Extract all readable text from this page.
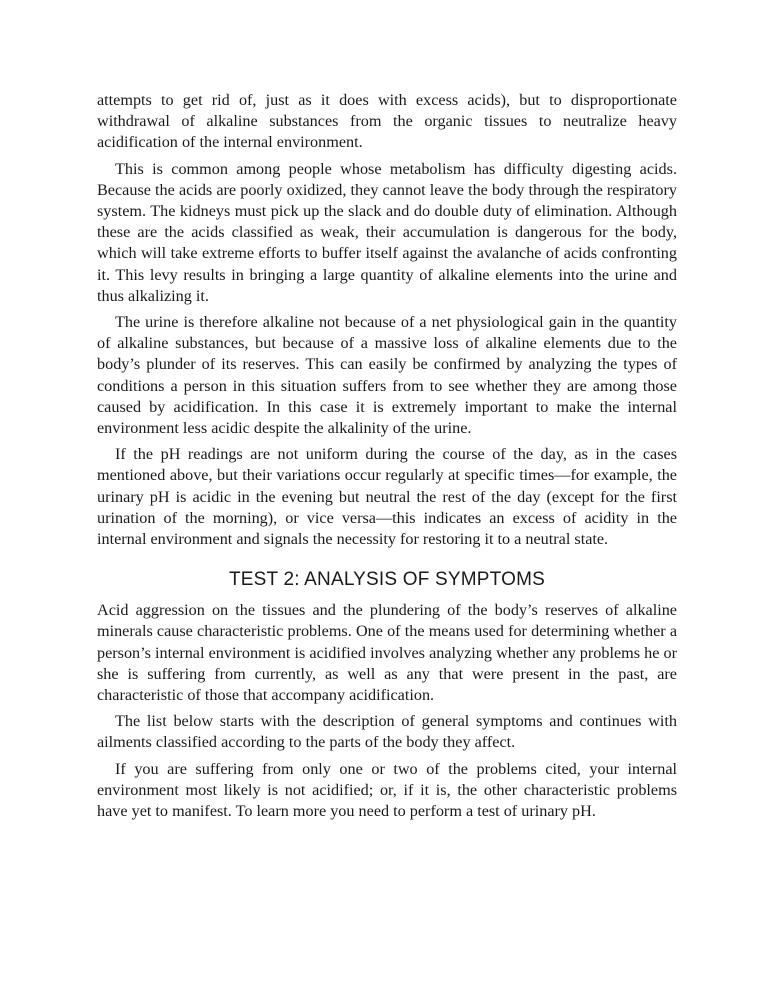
attempts to get rid of, just as it does with excess acids), but to disproportionate withdrawal of alkaline substances from the organic tissues to neutralize heavy acidification of the internal environment.

This is common among people whose metabolism has difficulty digesting acids. Because the acids are poorly oxidized, they cannot leave the body through the respiratory system. The kidneys must pick up the slack and do double duty of elimination. Although these are the acids classified as weak, their accumulation is dangerous for the body, which will take extreme efforts to buffer itself against the avalanche of acids confronting it. This levy results in bringing a large quantity of alkaline elements into the urine and thus alkalizing it.

The urine is therefore alkaline not because of a net physiological gain in the quantity of alkaline substances, but because of a massive loss of alkaline elements due to the body’s plunder of its reserves. This can easily be confirmed by analyzing the types of conditions a person in this situation suffers from to see whether they are among those caused by acidification. In this case it is extremely important to make the internal environment less acidic despite the alkalinity of the urine.

If the pH readings are not uniform during the course of the day, as in the cases mentioned above, but their variations occur regularly at specific times—for example, the urinary pH is acidic in the evening but neutral the rest of the day (except for the first urination of the morning), or vice versa—this indicates an excess of acidity in the internal environment and signals the necessity for restoring it to a neutral state.

TEST 2: ANALYSIS OF SYMPTOMS

Acid aggression on the tissues and the plundering of the body’s reserves of alkaline minerals cause characteristic problems. One of the means used for determining whether a person’s internal environment is acidified involves analyzing whether any problems he or she is suffering from currently, as well as any that were present in the past, are characteristic of those that accompany acidification.

The list below starts with the description of general symptoms and continues with ailments classified according to the parts of the body they affect.

If you are suffering from only one or two of the problems cited, your internal environment most likely is not acidified; or, if it is, the other characteristic problems have yet to manifest. To learn more you need to perform a test of urinary pH.
